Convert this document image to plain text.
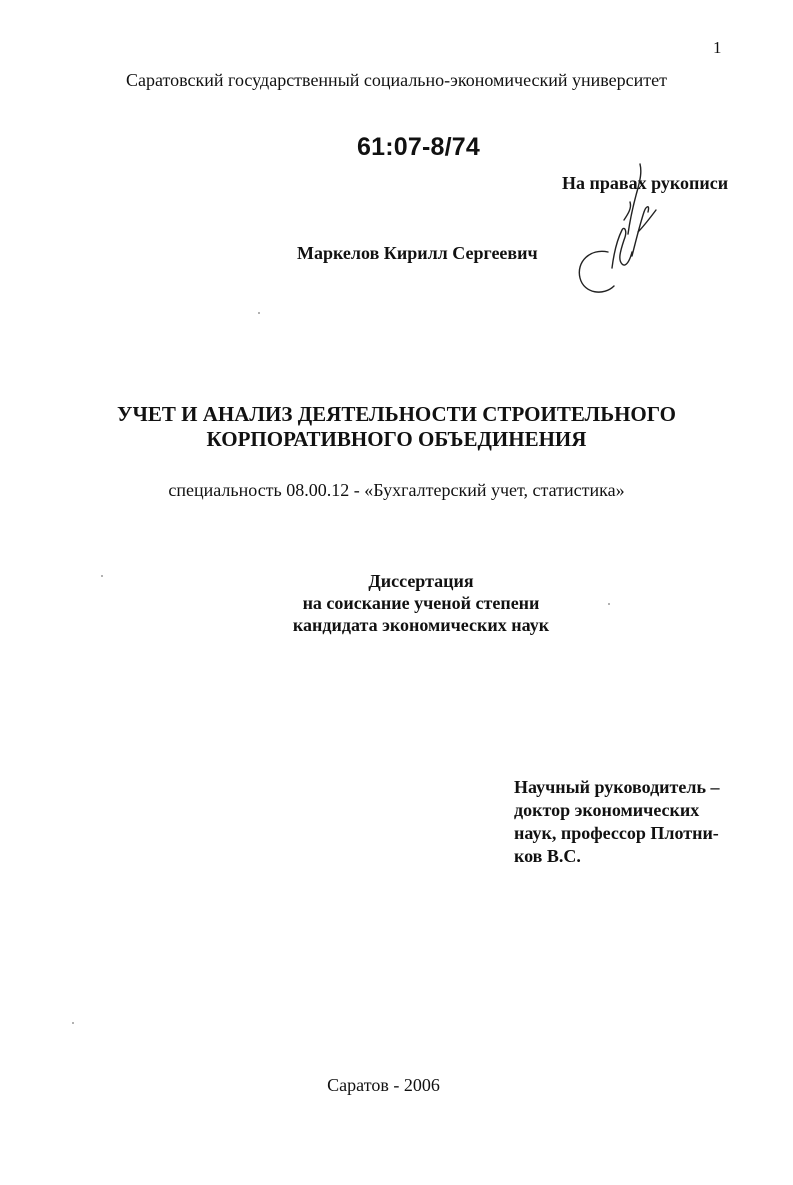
1
Саратовский государственный социально-экономический университет
61:07-8/74
На правах рукописи
Маркелов Кирилл Сергеевич
УЧЕТ И АНАЛИЗ ДЕЯТЕЛЬНОСТИ СТРОИТЕЛЬНОГО
КОРПОРАТИВНОГО ОБЪЕДИНЕНИЯ
специальность 08.00.12 - «Бухгалтерский учет, статистика»
Диссертация
на соискание ученой степени
кандидата экономических наук
Научный руководитель –
доктор экономических
наук, профессор Плотни-
ков В.С.
Саратов - 2006
